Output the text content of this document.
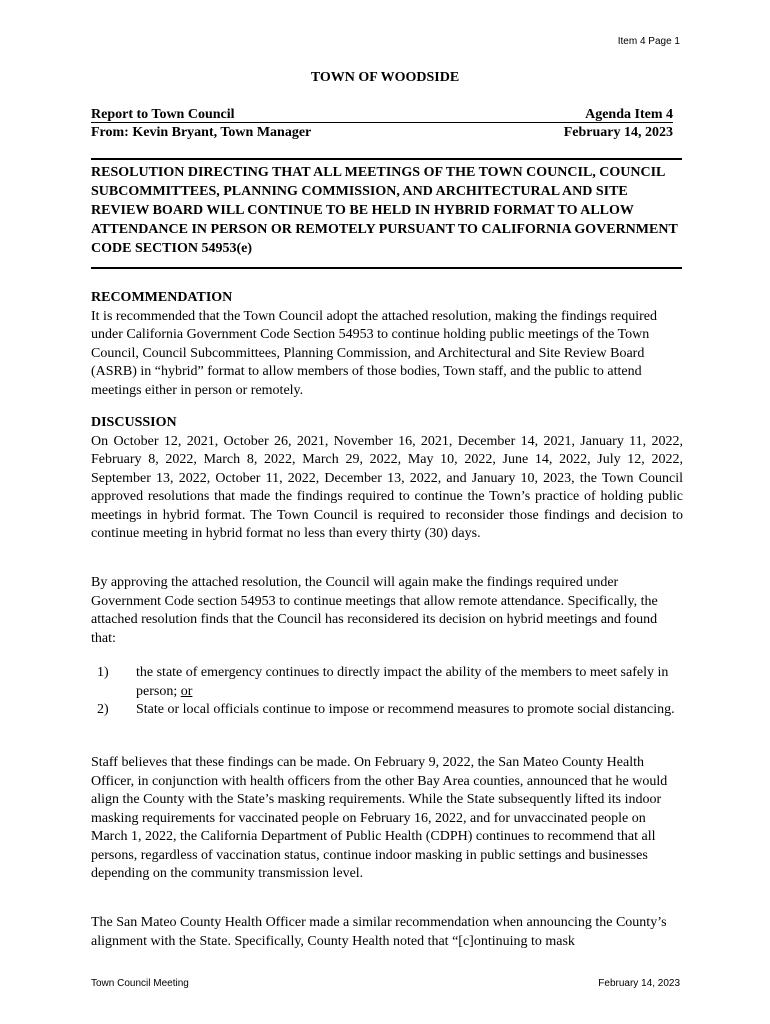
Item 4 Page 1
TOWN OF WOODSIDE
Report to Town Council	Agenda Item 4
From: Kevin Bryant, Town Manager	February 14, 2023
RESOLUTION DIRECTING THAT ALL MEETINGS OF THE TOWN COUNCIL, COUNCIL SUBCOMMITTEES, PLANNING COMMISSION, AND ARCHITECTURAL AND SITE REVIEW BOARD WILL CONTINUE TO BE HELD IN HYBRID FORMAT TO ALLOW ATTENDANCE IN PERSON OR REMOTELY PURSUANT TO CALIFORNIA GOVERNMENT CODE SECTION 54953(e)
RECOMMENDATION
It is recommended that the Town Council adopt the attached resolution, making the findings required under California Government Code Section 54953 to continue holding public meetings of the Town Council, Council Subcommittees, Planning Commission, and Architectural and Site Review Board (ASRB) in “hybrid” format to allow members of those bodies, Town staff, and the public to attend meetings either in person or remotely.
DISCUSSION
On October 12, 2021, October 26, 2021, November 16, 2021, December 14, 2021, January 11, 2022, February 8, 2022, March 8, 2022, March 29, 2022, May 10, 2022, June 14, 2022, July 12, 2022, September 13, 2022, October 11, 2022, December 13, 2022, and January 10, 2023, the Town Council approved resolutions that made the findings required to continue the Town’s practice of holding public meetings in hybrid format. The Town Council is required to reconsider those findings and decision to continue meeting in hybrid format no less than every thirty (30) days.
By approving the attached resolution, the Council will again make the findings required under Government Code section 54953 to continue meetings that allow remote attendance. Specifically, the attached resolution finds that the Council has reconsidered its decision on hybrid meetings and found that:
1)	the state of emergency continues to directly impact the ability of the members to meet safely in person; or
2)	State or local officials continue to impose or recommend measures to promote social distancing.
Staff believes that these findings can be made. On February 9, 2022, the San Mateo County Health Officer, in conjunction with health officers from the other Bay Area counties, announced that he would align the County with the State’s masking requirements. While the State subsequently lifted its indoor masking requirements for vaccinated people on February 16, 2022, and for unvaccinated people on March 1, 2022, the California Department of Public Health (CDPH) continues to recommend that all persons, regardless of vaccination status, continue indoor masking in public settings and businesses depending on the community transmission level.
The San Mateo County Health Officer made a similar recommendation when announcing the County’s alignment with the State. Specifically, County Health noted that “[c]ontinuing to mask
Town Council Meeting	February 14, 2023
